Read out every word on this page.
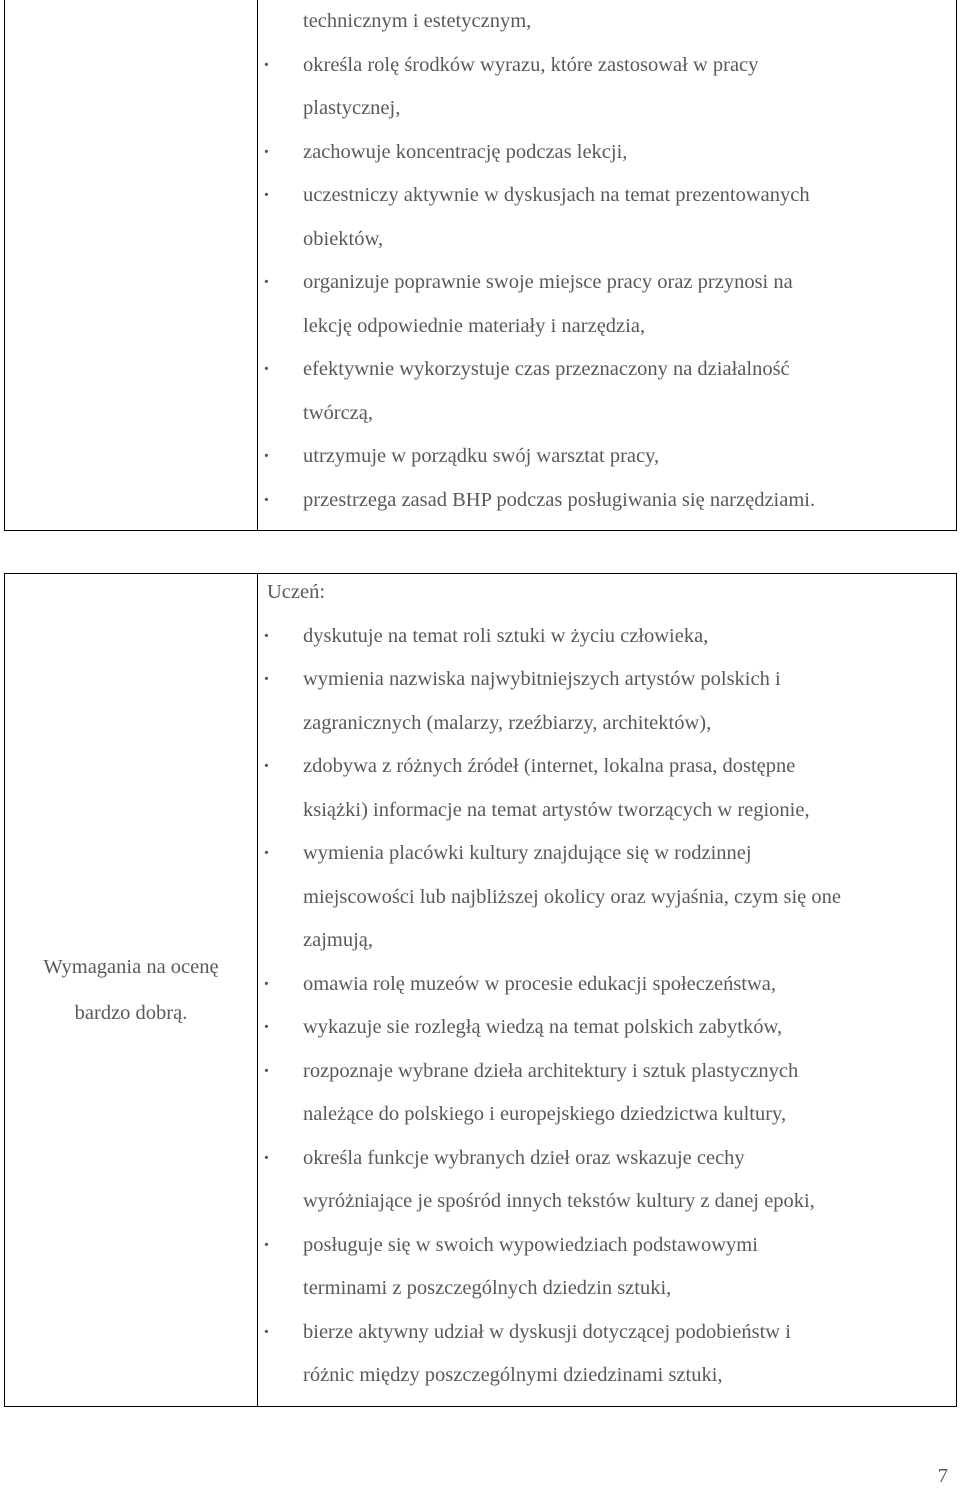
technicznym i estetycznym,
· określa rolę środków wyrazu, które zastosował w pracy
plastycznej,
· zachowuje koncentrację podczas lekcji,
· uczestniczy aktywnie w dyskusjach na temat prezentowanych
obiektów,
· organizuje poprawnie swoje miejsce pracy oraz przynosi na
lekcję odpowiednie materiały i narzędzia,
· efektywnie wykorzystuje czas przeznaczony na działalność
twórczą,
· utrzymuje w porządku swój warsztat pracy,
· przestrzega zasad BHP podczas posługiwania się narzędziami.
Wymagania na ocenę
bardzo dobrą.
Uczeń:
· dyskutuje na temat roli sztuki w życiu człowieka,
· wymienia nazwiska najwybitniejszych artystów polskich i
zagranicznych (malarzy, rzeźbiarzy, architektów),
· zdobywa z różnych źródeł (internet, lokalna prasa, dostępne
książki) informacje na temat artystów tworzących w regionie,
· wymienia placówki kultury znajdujące się w rodzinnej
miejscowości lub najbliższej okolicy oraz wyjaśnia, czym się one
zajmują,
· omawia rolę muzeów w procesie edukacji społeczeństwa,
· wykazuje sie rozległą wiedzą na temat polskich zabytków,
· rozpoznaje wybrane dzieła architektury i sztuk plastycznych
należące do polskiego i europejskiego dziedzictwa kultury,
· określa funkcje wybranych dzieł oraz wskazuje cechy
wyróżniające je spośród innych tekstów kultury z danej epoki,
· posługuje się w swoich wypowiedziach podstawowymi
terminami z poszczególnych dziedzin sztuki,
· bierze aktywny udział w dyskusji dotyczącej podobieństw i
różnic między poszczególnymi dziedzinami sztuki,
7
